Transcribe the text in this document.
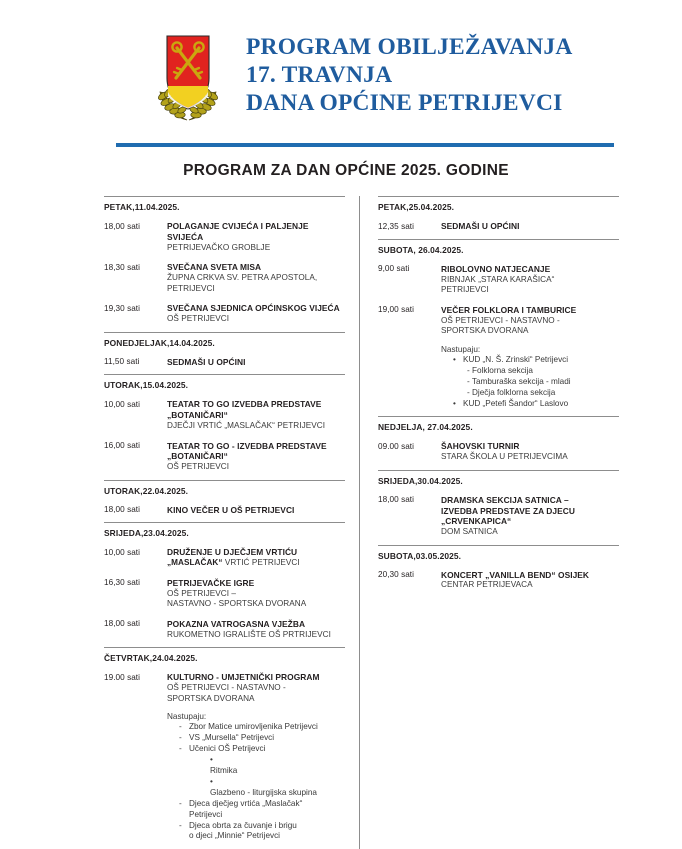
PROGRAM OBILJEŽAVANJA
17. TRAVNJA
DANA OPĆINE PETRIJEVCI
PROGRAM ZA DAN OPĆINE 2025. GODINE
PETAK,11.04.2025.
18,00 sati	POLAGANJE CVIJEĆA I PALJENJE SVIJEĆA
PETRIJEVAČKO GROBLJE
18,30 sati	SVEČANA SVETA MISA
ŽUPNA CRKVA SV. PETRA APOSTOLA,
PETRIJEVCI
19,30 sati	SVEČANA SJEDNICA OPĆINSKOG VIJEĆA
OŠ PETRIJEVCI
PONEDJELJAK,14.04.2025.
11,50 sati	SEDMAŠI U OPĆINI
UTORAK,15.04.2025.
10,00 sati	TEATAR TO GO IZVEDBA PREDSTAVE
„BOTANIČARI“
DJEČJI VRTIĆ „MASLAČAK“ PETRIJEVCI
16,00 sati	TEATAR TO GO - IZVEDBA PREDSTAVE
„BOTANIČARI“
OŠ PETRIJEVCI
UTORAK,22.04.2025.
18,00 sati	KINO VEČER U OŠ PETRIJEVCI
SRIJEDA,23.04.2025.
10,00 sati	DRUŽENJE U DJEČJEM VRTIĆU
„MASLAČAK“ VRTIĆ PETRIJEVCI
16,30 sati	PETRIJEVAČKE IGRE
OŠ PETRIJEVCI –
NASTAVNO - SPORTSKA DVORANA
18,00 sati	POKAZNA VATROGASNA VJEŽBA
RUKOMETNO IGRALIŠTE OŠ PRTRIJEVCI
ČETVRTAK,24.04.2025.
19.00 sati	KULTURNO - UMJETNIČKI PROGRAM
OŠ PETRIJEVCI - NASTAVNO -
SPORTSKA DVORANA
Nastupaju:
- Zbor Matice umirovljenika Petrijevci
- VS „Mursella“ Petrijevci
- Učenici OŠ Petrijevci
•
Ritmika
•
Glazbeno - liturgijska skupina
- Djeca dječjeg vrtića „Maslačak“
Petrijevci
- Djeca obrta za čuvanje i brigu
o djeci „Minnie“ Petrijevci
PETAK,25.04.2025.
12,35 sati	SEDMAŠI U OPĆINI
SUBOTA, 26.04.2025.
9,00 sati	RIBOLOVNO NATJECANJE
RIBNJAK „STARA KARAŠICA“
PETRIJEVCI
19,00 sati	VEČER FOLKLORA I TAMBURICE
OŠ PETRIJEVCI - NASTAVNO -
SPORTSKA DVORANA
Nastupaju:
• KUD „N. Š. Zrinski“ Petrijevci
- Folklorna sekcija
- Tamburaška sekcija - mladi
- Dječja folklorna sekcija
• KUD „Petefi Šandor“ Laslovo
NEDJELJA, 27.04.2025.
09.00 sati	ŠAHOVSKI TURNIR
STARA ŠKOLA U PETRIJEVCIMA
SRIJEDA,30.04.2025.
18,00 sati	DRAMSKA SEKCIJA SATNICA –
IZVEDBA PREDSTAVE ZA DJECU
„CRVENKAPICA“
DOM SATNICA
SUBOTA,03.05.2025.
20,30 sati	KONCERT „VANILLA BEND“ OSIJEK
CENTAR PETRIJEVACA
